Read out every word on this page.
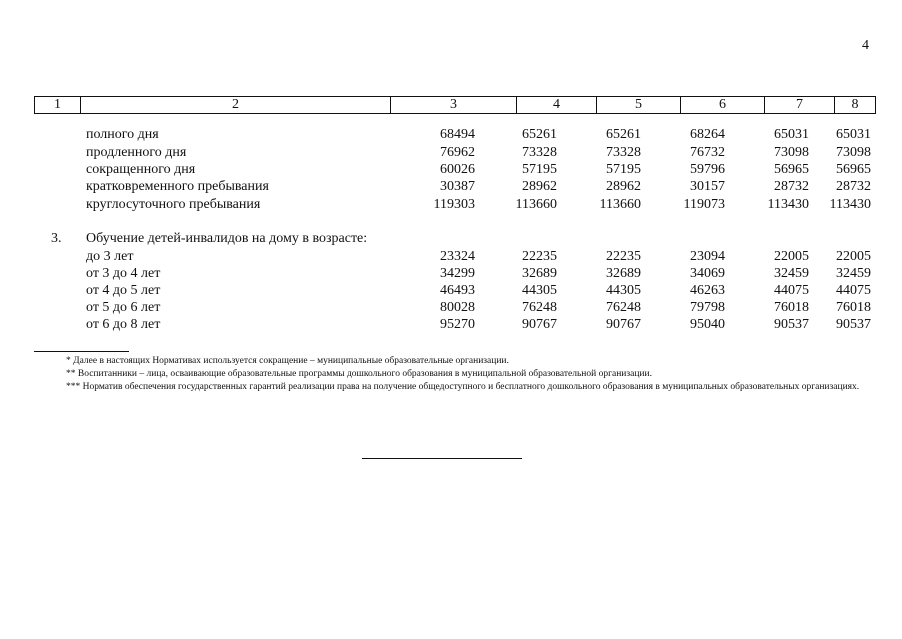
4
1	2	3	4	5	6	7	8
полного дня	68494	65261	65261	68264	65031	65031
продленного дня	76962	73328	73328	76732	73098	73098
сокращенного дня	60026	57195	57195	59796	56965	56965
кратковременного пребывания	30387	28962	28962	30157	28732	28732
круглосуточного пребывания	119303	113660	113660	119073	113430	113430
3. Обучение детей-инвалидов на дому в возрасте:
до 3 лет	23324	22235	22235	23094	22005	22005
от 3 до 4 лет	34299	32689	32689	34069	32459	32459
от 4 до 5 лет	46493	44305	44305	46263	44075	44075
от 5 до 6 лет	80028	76248	76248	79798	76018	76018
от 6 до 8 лет	95270	90767	90767	95040	90537	90537
* Далее в настоящих Нормативах используется сокращение – муниципальные образовательные организации.
** Воспитанники – лица, осваивающие образовательные программы дошкольного образования в муниципальной образовательной организации.
*** Норматив обеспечения государственных гарантий реализации права на получение общедоступного и бесплатного дошкольного образования в муниципальных образовательных организациях.
